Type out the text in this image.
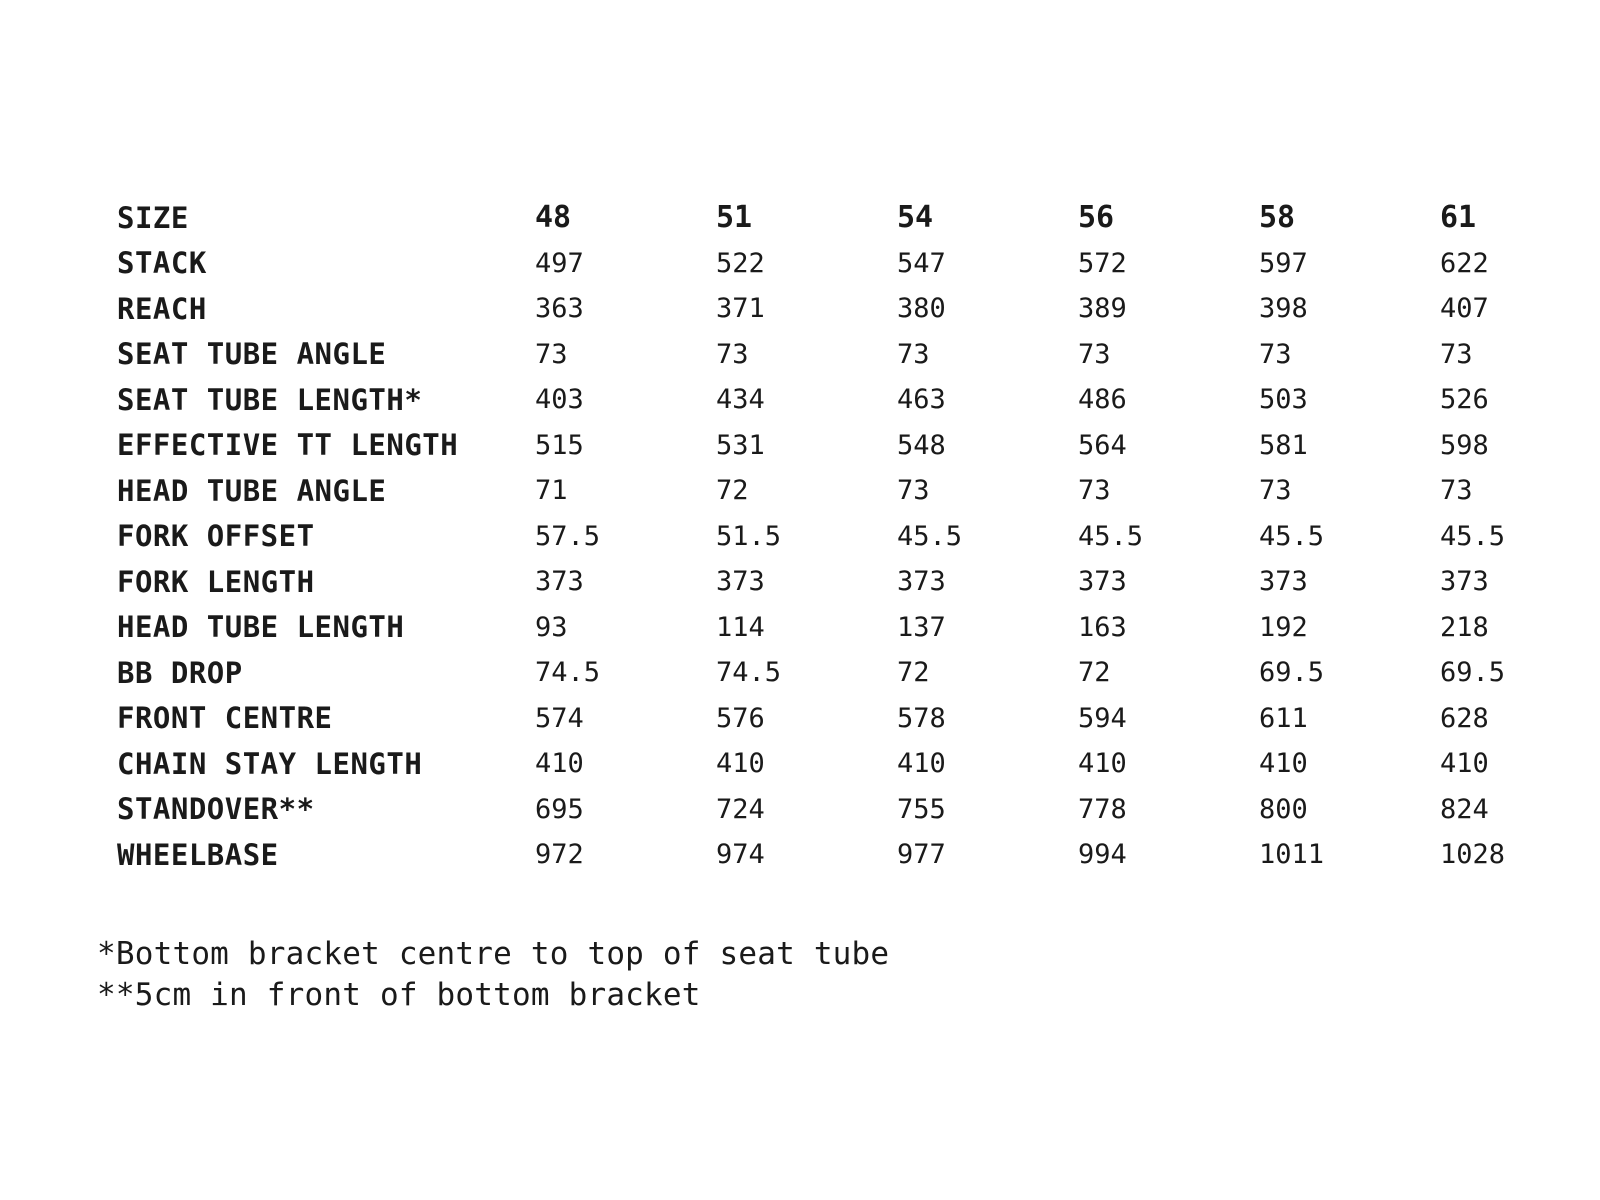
SIZE	48	51	54	56	58	61
STACK	497	522	547	572	597	622
REACH	363	371	380	389	398	407
SEAT TUBE ANGLE	73	73	73	73	73	73
SEAT TUBE LENGTH*	403	434	463	486	503	526
EFFECTIVE TT LENGTH	515	531	548	564	581	598
HEAD TUBE ANGLE	71	72	73	73	73	73
FORK OFFSET	57.5	51.5	45.5	45.5	45.5	45.5
FORK LENGTH	373	373	373	373	373	373
HEAD TUBE LENGTH	93	114	137	163	192	218
BB DROP	74.5	74.5	72	72	69.5	69.5
FRONT CENTRE	574	576	578	594	611	628
CHAIN STAY LENGTH	410	410	410	410	410	410
STANDOVER**	695	724	755	778	800	824
WHEELBASE	972	974	977	994	1011	1028
*Bottom bracket centre to top of seat tube
**5cm in front of bottom bracket
